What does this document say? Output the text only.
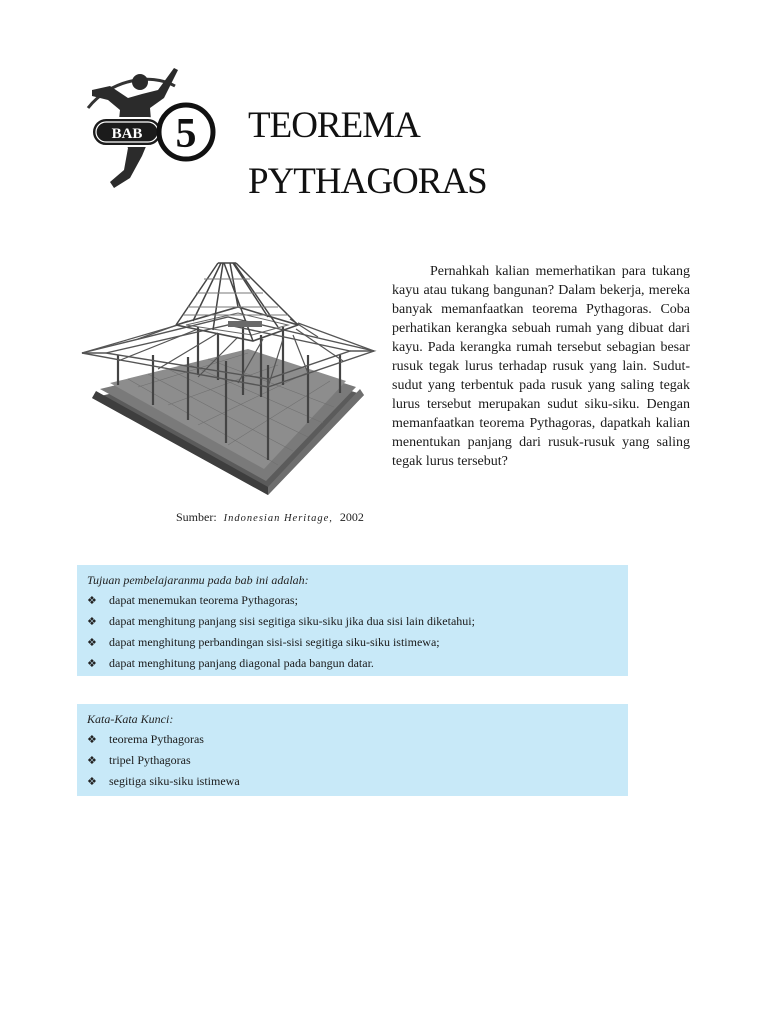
BAB 5 TEOREMA
PYTHAGORAS
Sumber: Indonesian Heritage, 2002

Pernahkah kalian memerhatikan para tukang kayu atau tukang bangunan? Dalam bekerja, mereka banyak memanfaatkan teorema Pythagoras. Coba perhatikan kerangka sebuah rumah yang dibuat dari kayu. Pada kerangka rumah tersebut sebagian besar rusuk tegak lurus terhadap rusuk yang lain. Sudut-sudut yang terbentuk pada rusuk yang saling tegak lurus tersebut merupakan sudut siku-siku. Dengan memanfaatkan teorema Pythagoras, dapatkah kalian menentukan panjang dari rusuk-rusuk yang saling tegak lurus tersebut?

Tujuan pembelajaranmu pada bab ini adalah:
❖	dapat menemukan teorema Pythagoras;
❖	dapat menghitung panjang sisi segitiga siku-siku jika dua sisi lain diketahui;
❖	dapat menghitung perbandingan sisi-sisi segitiga siku-siku istimewa;
❖	dapat menghitung panjang diagonal pada bangun datar.
Kata-Kata Kunci:
❖	teorema Pythagoras
❖	tripel Pythagoras
❖	segitiga siku-siku istimewa
